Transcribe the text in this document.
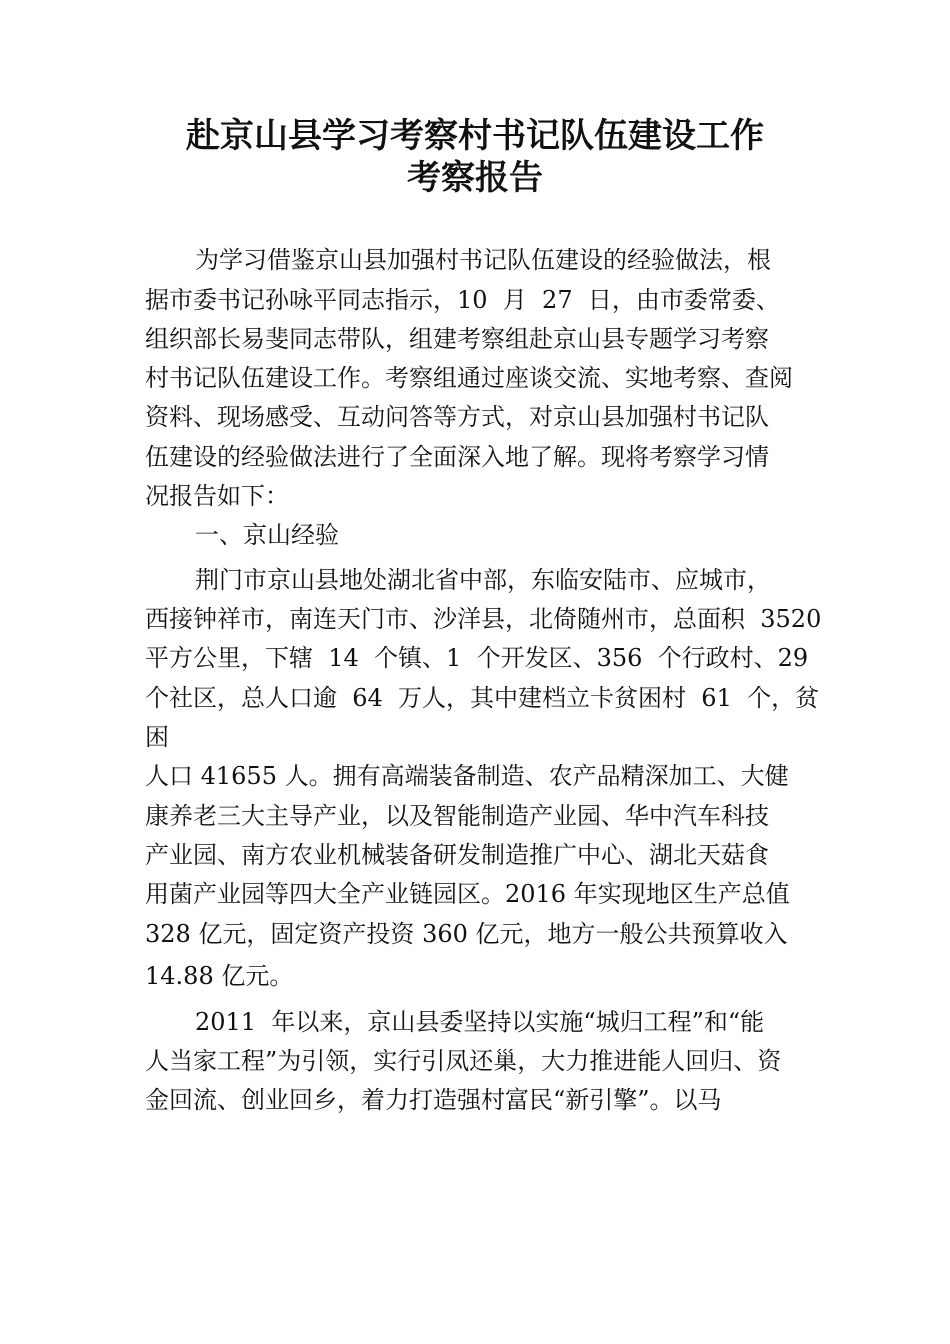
赴京山县学习考察村书记队伍建设工作
考察报告

为学习借鉴京山县加强村书记队伍建设的经验做法，根

据市委书记孙咏平同志指示，10  月  27  日，由市委常委、

组织部长易斐同志带队，组建考察组赴京山县专题学习考察

村书记队伍建设工作。考察组通过座谈交流、实地考察、查阅

资料、现场感受、互动问答等方式，对京山县加强村书记队

伍建设的经验做法进行了全面深入地了解。现将考察学习情

况报告如下：

一、京山经验

荆门市京山县地处湖北省中部，东临安陆市、应城市，

西接钟祥市，南连天门市、沙洋县，北倚随州市，总面积  3520

平方公里，下辖  14  个镇、1  个开发区、356  个行政村、29

个社区，总人口逾  64  万人，其中建档立卡贫困村  61  个，贫

困

人口 41655 人。拥有高端装备制造、农产品精深加工、大健

康养老三大主导产业，以及智能制造产业园、华中汽车科技

产业园、南方农业机械装备研发制造推广中心、湖北天菇食

用菌产业园等四大全产业链园区。2016 年实现地区生产总值

328 亿元，固定资产投资 360 亿元，地方一般公共预算收入

14.88 亿元。

2011  年以来，京山县委坚持以实施“城归工程”和“能

人当家工程”为引领，实行引凤还巢，大力推进能人回归、资

金回流、创业回乡，着力打造强村富民“新引擎”。以马
